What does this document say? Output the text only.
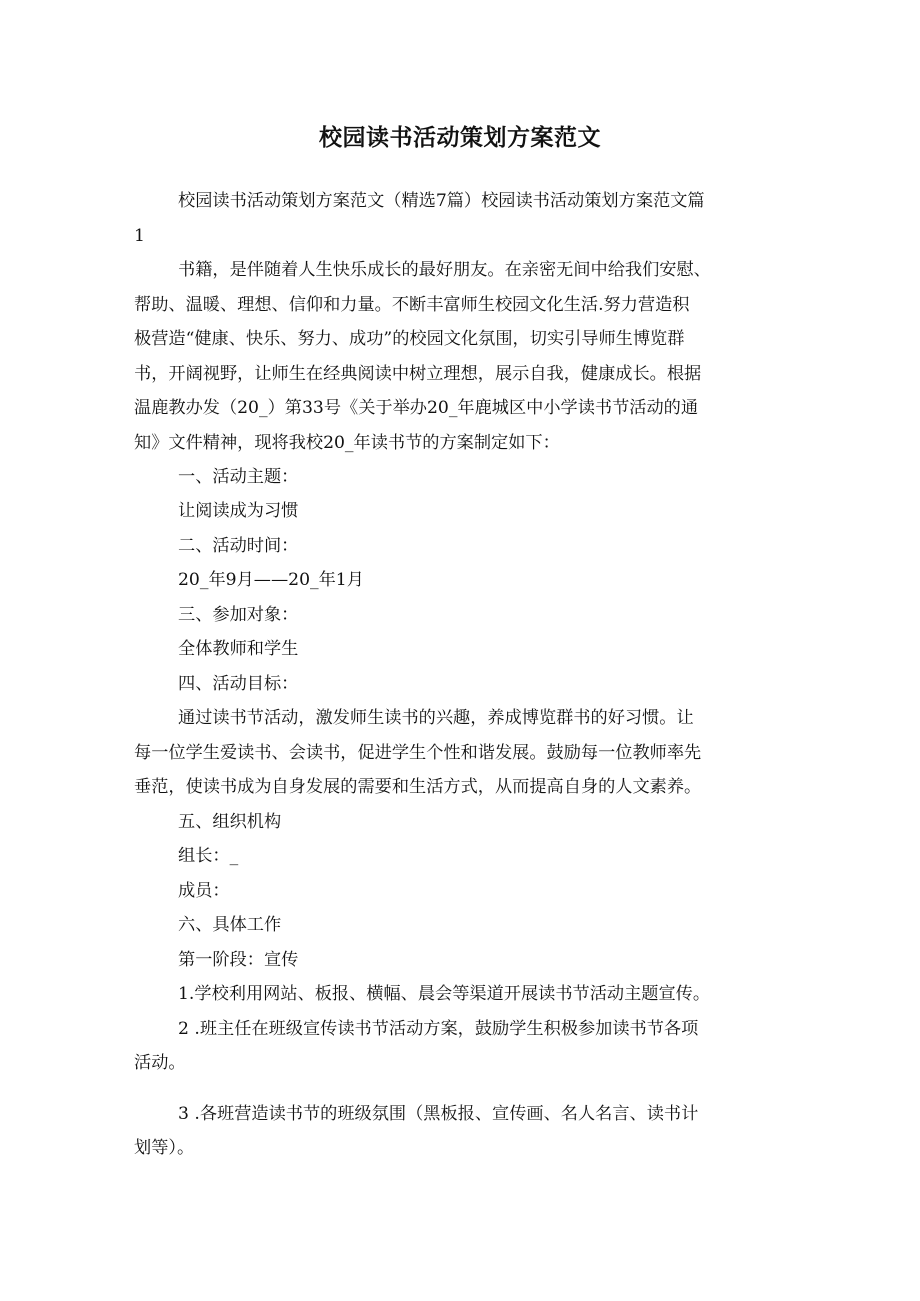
校园读书活动策划方案范文
校园读书活动策划方案范文（精选7篇）校园读书活动策划方案范文篇
1
书籍，是伴随着人生快乐成长的最好朋友。在亲密无间中给我们安慰、
帮助、温暖、理想、信仰和力量。不断丰富师生校园文化生活.努力营造积
极营造“健康、快乐、努力、成功”的校园文化氛围，切实引导师生博览群
书，开阔视野，让师生在经典阅读中树立理想，展示自我，健康成长。根据
温鹿教办发（20_）第33号《关于举办20_年鹿城区中小学读书节活动的通
知》文件精神，现将我校20_年读书节的方案制定如下：
一、活动主题：
让阅读成为习惯
二、活动时间：
20_年9月——20_年1月
三、参加对象：
全体教师和学生
四、活动目标：
通过读书节活动，激发师生读书的兴趣，养成博览群书的好习惯。让
每一位学生爱读书、会读书，促进学生个性和谐发展。鼓励每一位教师率先
垂范，使读书成为自身发展的需要和生活方式，从而提高自身的人文素养。
五、组织机构
组长：_
成员：
六、具体工作
第一阶段：宣传
1.学校利用网站、板报、横幅、晨会等渠道开展读书节活动主题宣传。
2 .班主任在班级宣传读书节活动方案，鼓励学生积极参加读书节各项
活动。
3 .各班营造读书节的班级氛围（黑板报、宣传画、名人名言、读书计
划等）。
